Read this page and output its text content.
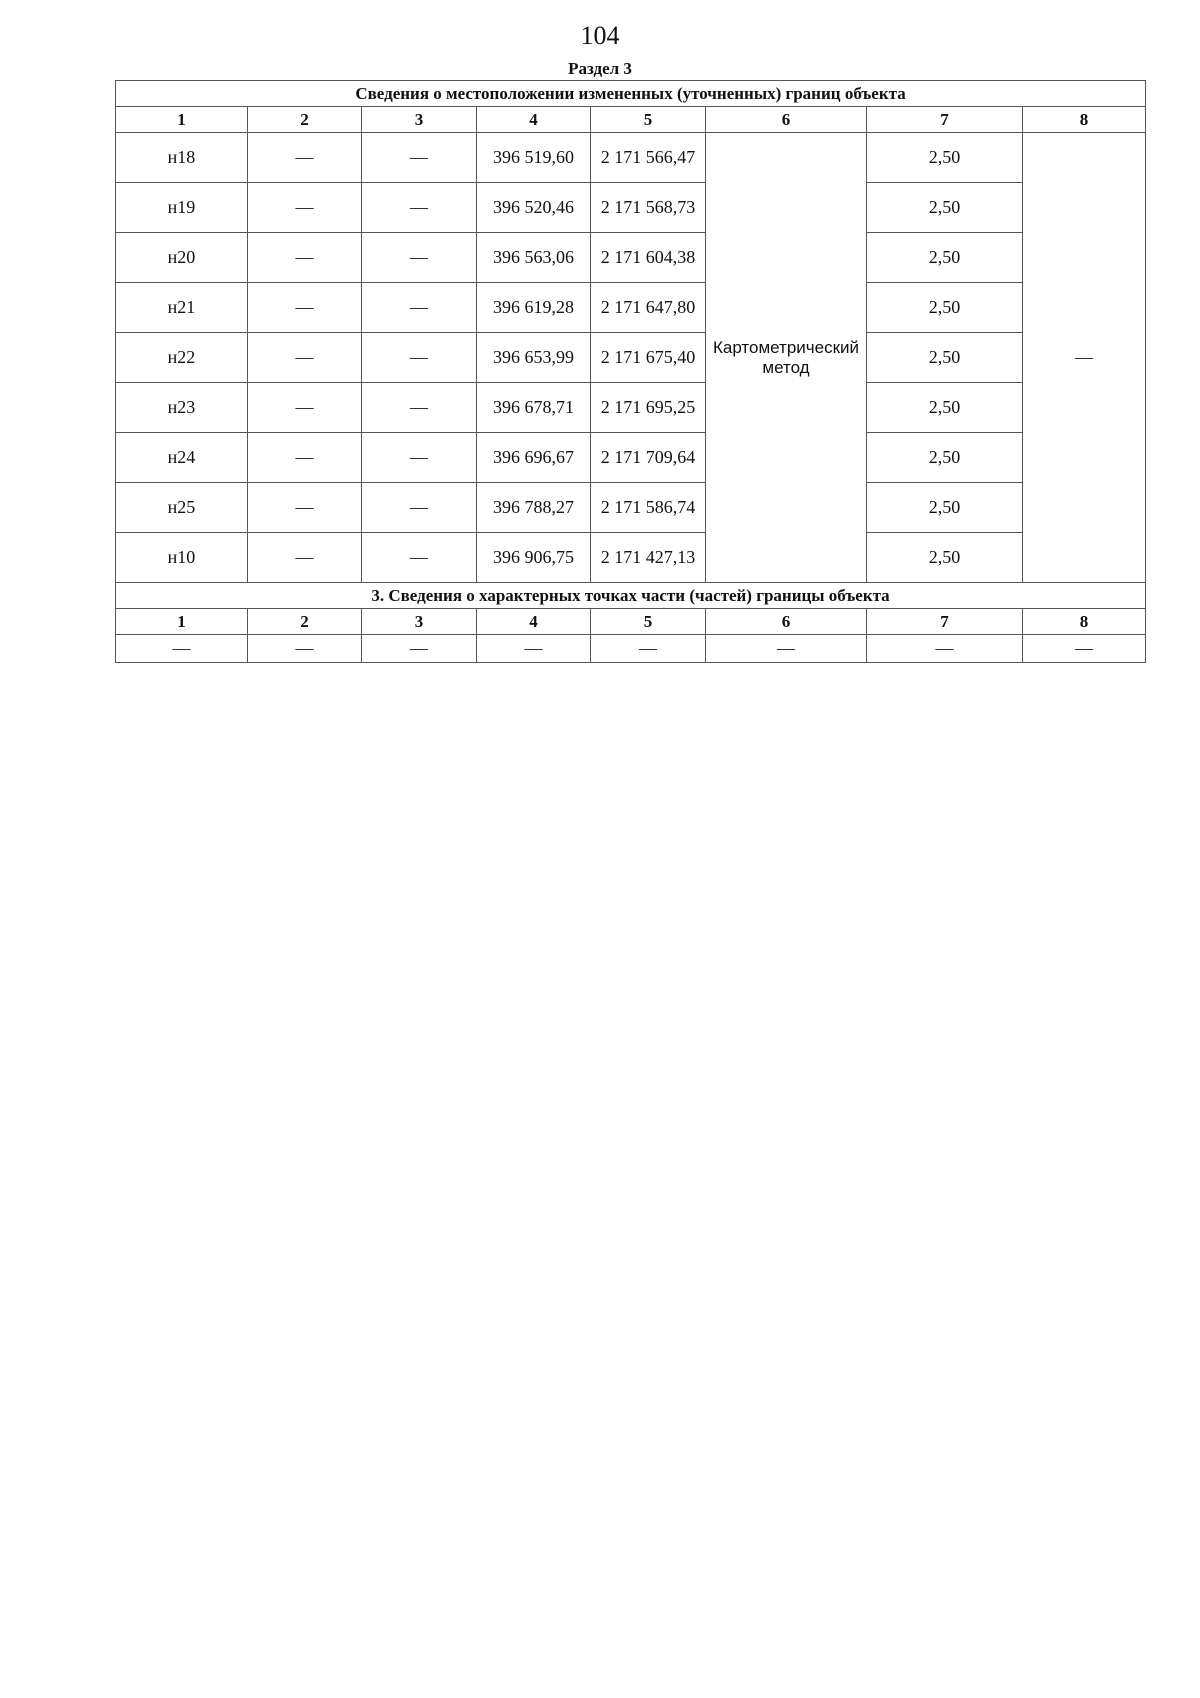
104
Раздел 3
Сведения о местоположении измененных (уточненных) границ объекта							
1	2	3	4	5	6	7	8
н18	—	—	396 519,60	2 171 566,47	Картометрический метод	2,50	—
н19	—	—	396 520,46	2 171 568,73		2,50	
н20	—	—	396 563,06	2 171 604,38		2,50	
н21	—	—	396 619,28	2 171 647,80		2,50	
н22	—	—	396 653,99	2 171 675,40		2,50	
н23	—	—	396 678,71	2 171 695,25		2,50	
н24	—	—	396 696,67	2 171 709,64		2,50	
н25	—	—	396 788,27	2 171 586,74		2,50	
н10	—	—	396 906,75	2 171 427,13		2,50	
3. Сведения о характерных точках части (частей) границы объекта							
1	2	3	4	5	6	7	8
—	—	—	—	—	—	—	—
